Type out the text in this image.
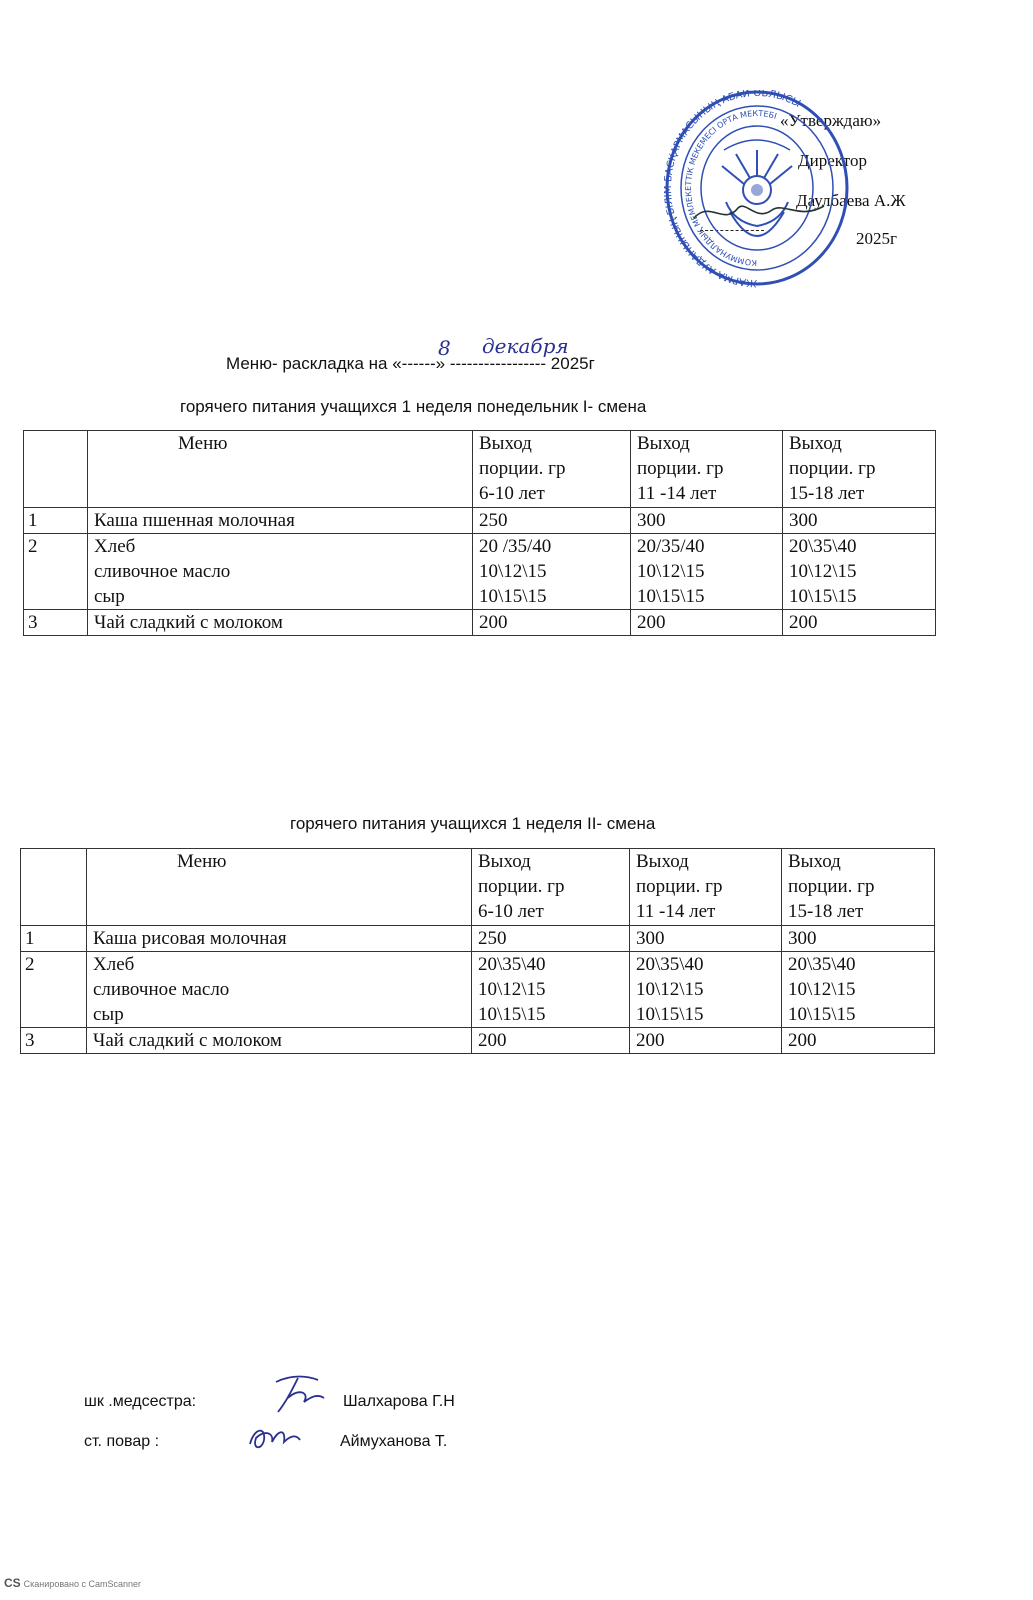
«Утверждаю»
Директор
Даулбаева А.Ж
2025г
ЖАРМА АУДАНЫНЫҢ БІЛІМ БАСҚАРМАСЫНЫҢ АБАЙ ОБЛЫСЫ
КОММУНАЛДЫҚ МЕМЛЕКЕТТІК МЕКЕМЕСІ ОРТА МЕКТЕБІ
Меню- раскладка на «------» ----------------- 2025г
8 декабря
горячего питания учащихся 1 неделя понедельник I- смена

	Меню	Выход
порции. гр
6-10 лет	Выход
порции. гр
11 -14 лет	Выход
порции. гр
15-18 лет

1	Каша пшенная молочная	250	300	300

2	Хлеб
сливочное масло
сыр	20 /35/40
10\12\15
10\15\15	20/35/40
10\12\15
10\15\15	20\35\40
10\12\15
10\15\15

3	Чай сладкий с молоком	200	200	200
горячего питания учащихся 1 неделя II- смена

	Меню	Выход
порции. гр
6-10 лет	Выход
порции. гр
11 -14 лет	Выход
порции. гр
15-18 лет

1	Каша рисовая молочная	250	300	300

2	Хлеб
сливочное масло
сыр	20\35\40
10\12\15
10\15\15	20\35\40
10\12\15
10\15\15	20\35\40
10\12\15
10\15\15

3	Чай сладкий с молоком	200	200	200
шк .медсестра:	Шалхарова Г.Н
ст. повар :	Аймуханова Т.
CS Сканировано с CamScanner
